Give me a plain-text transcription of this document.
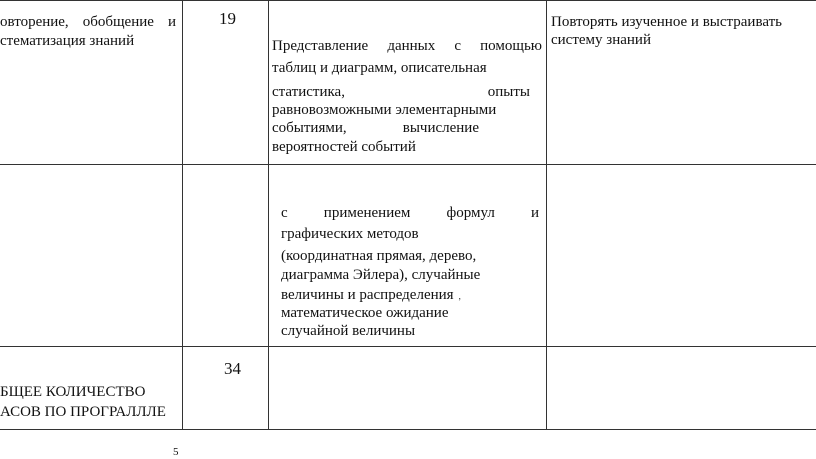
овторение, обобщение и
стематизация знаний
19
Представление данных с помощью
таблиц и диаграмм, описательная
статистика,	опыты
равновозможными элементарными
событиями,	вычисление
вероятностей событий
Повторять изученное и выстраивать
систему знаний
с применением формул и
графических методов
(координатная прямая, дерево,
диаграмма Эйлера), случайные
величины и распределения ,
математическое ожидание
случайной величины
БЩЕЕ КОЛИЧЕСТВО
АСОВ ПО ПРОГРАЛЛЛЕ
34
5
